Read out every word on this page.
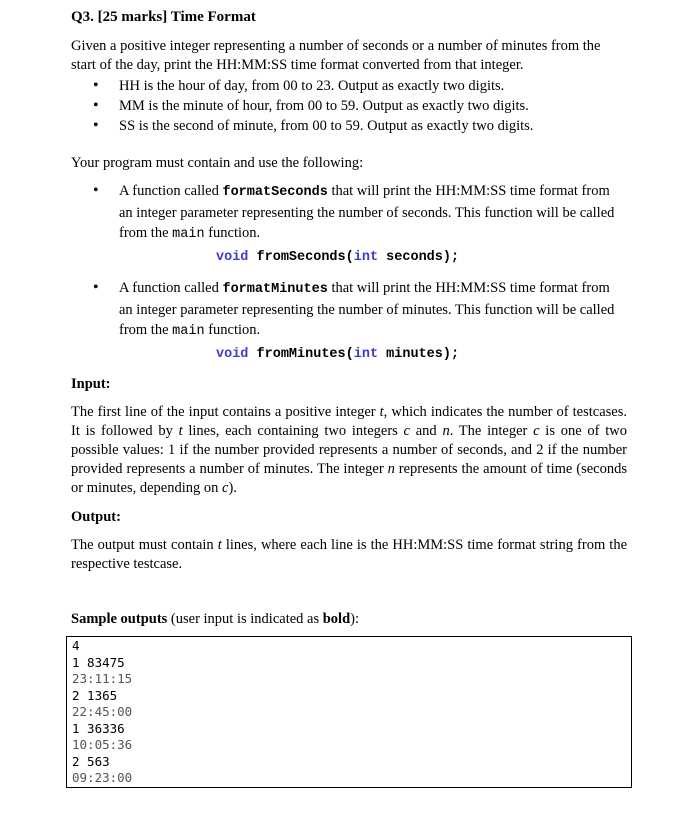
Q3. [25 marks] Time Format
Given a positive integer representing a number of seconds or a number of minutes from the start of the day, print the HH:MM:SS time format converted from that integer.
• HH is the hour of day, from 00 to 23. Output as exactly two digits.
• MM is the minute of hour, from 00 to 59. Output as exactly two digits.
• SS is the second of minute, from 00 to 59. Output as exactly two digits.
Your program must contain and use the following:
• A function called formatSeconds that will print the HH:MM:SS time format from an integer parameter representing the number of seconds. This function will be called from the main function.
void fromSeconds(int seconds);
• A function called formatMinutes that will print the HH:MM:SS time format from an integer parameter representing the number of minutes. This function will be called from the main function.
void fromMinutes(int minutes);
Input:
The first line of the input contains a positive integer t, which indicates the number of testcases. It is followed by t lines, each containing two integers c and n. The integer c is one of two possible values: 1 if the number provided represents a number of seconds, and 2 if the number provided represents a number of minutes. The integer n represents the amount of time (seconds or minutes, depending on c).
Output:
The output must contain t lines, where each line is the HH:MM:SS time format string from the respective testcase.
Sample outputs (user input is indicated as bold):
4
1 83475
23:11:15
2 1365
22:45:00
1 36336
10:05:36
2 563
09:23:00
